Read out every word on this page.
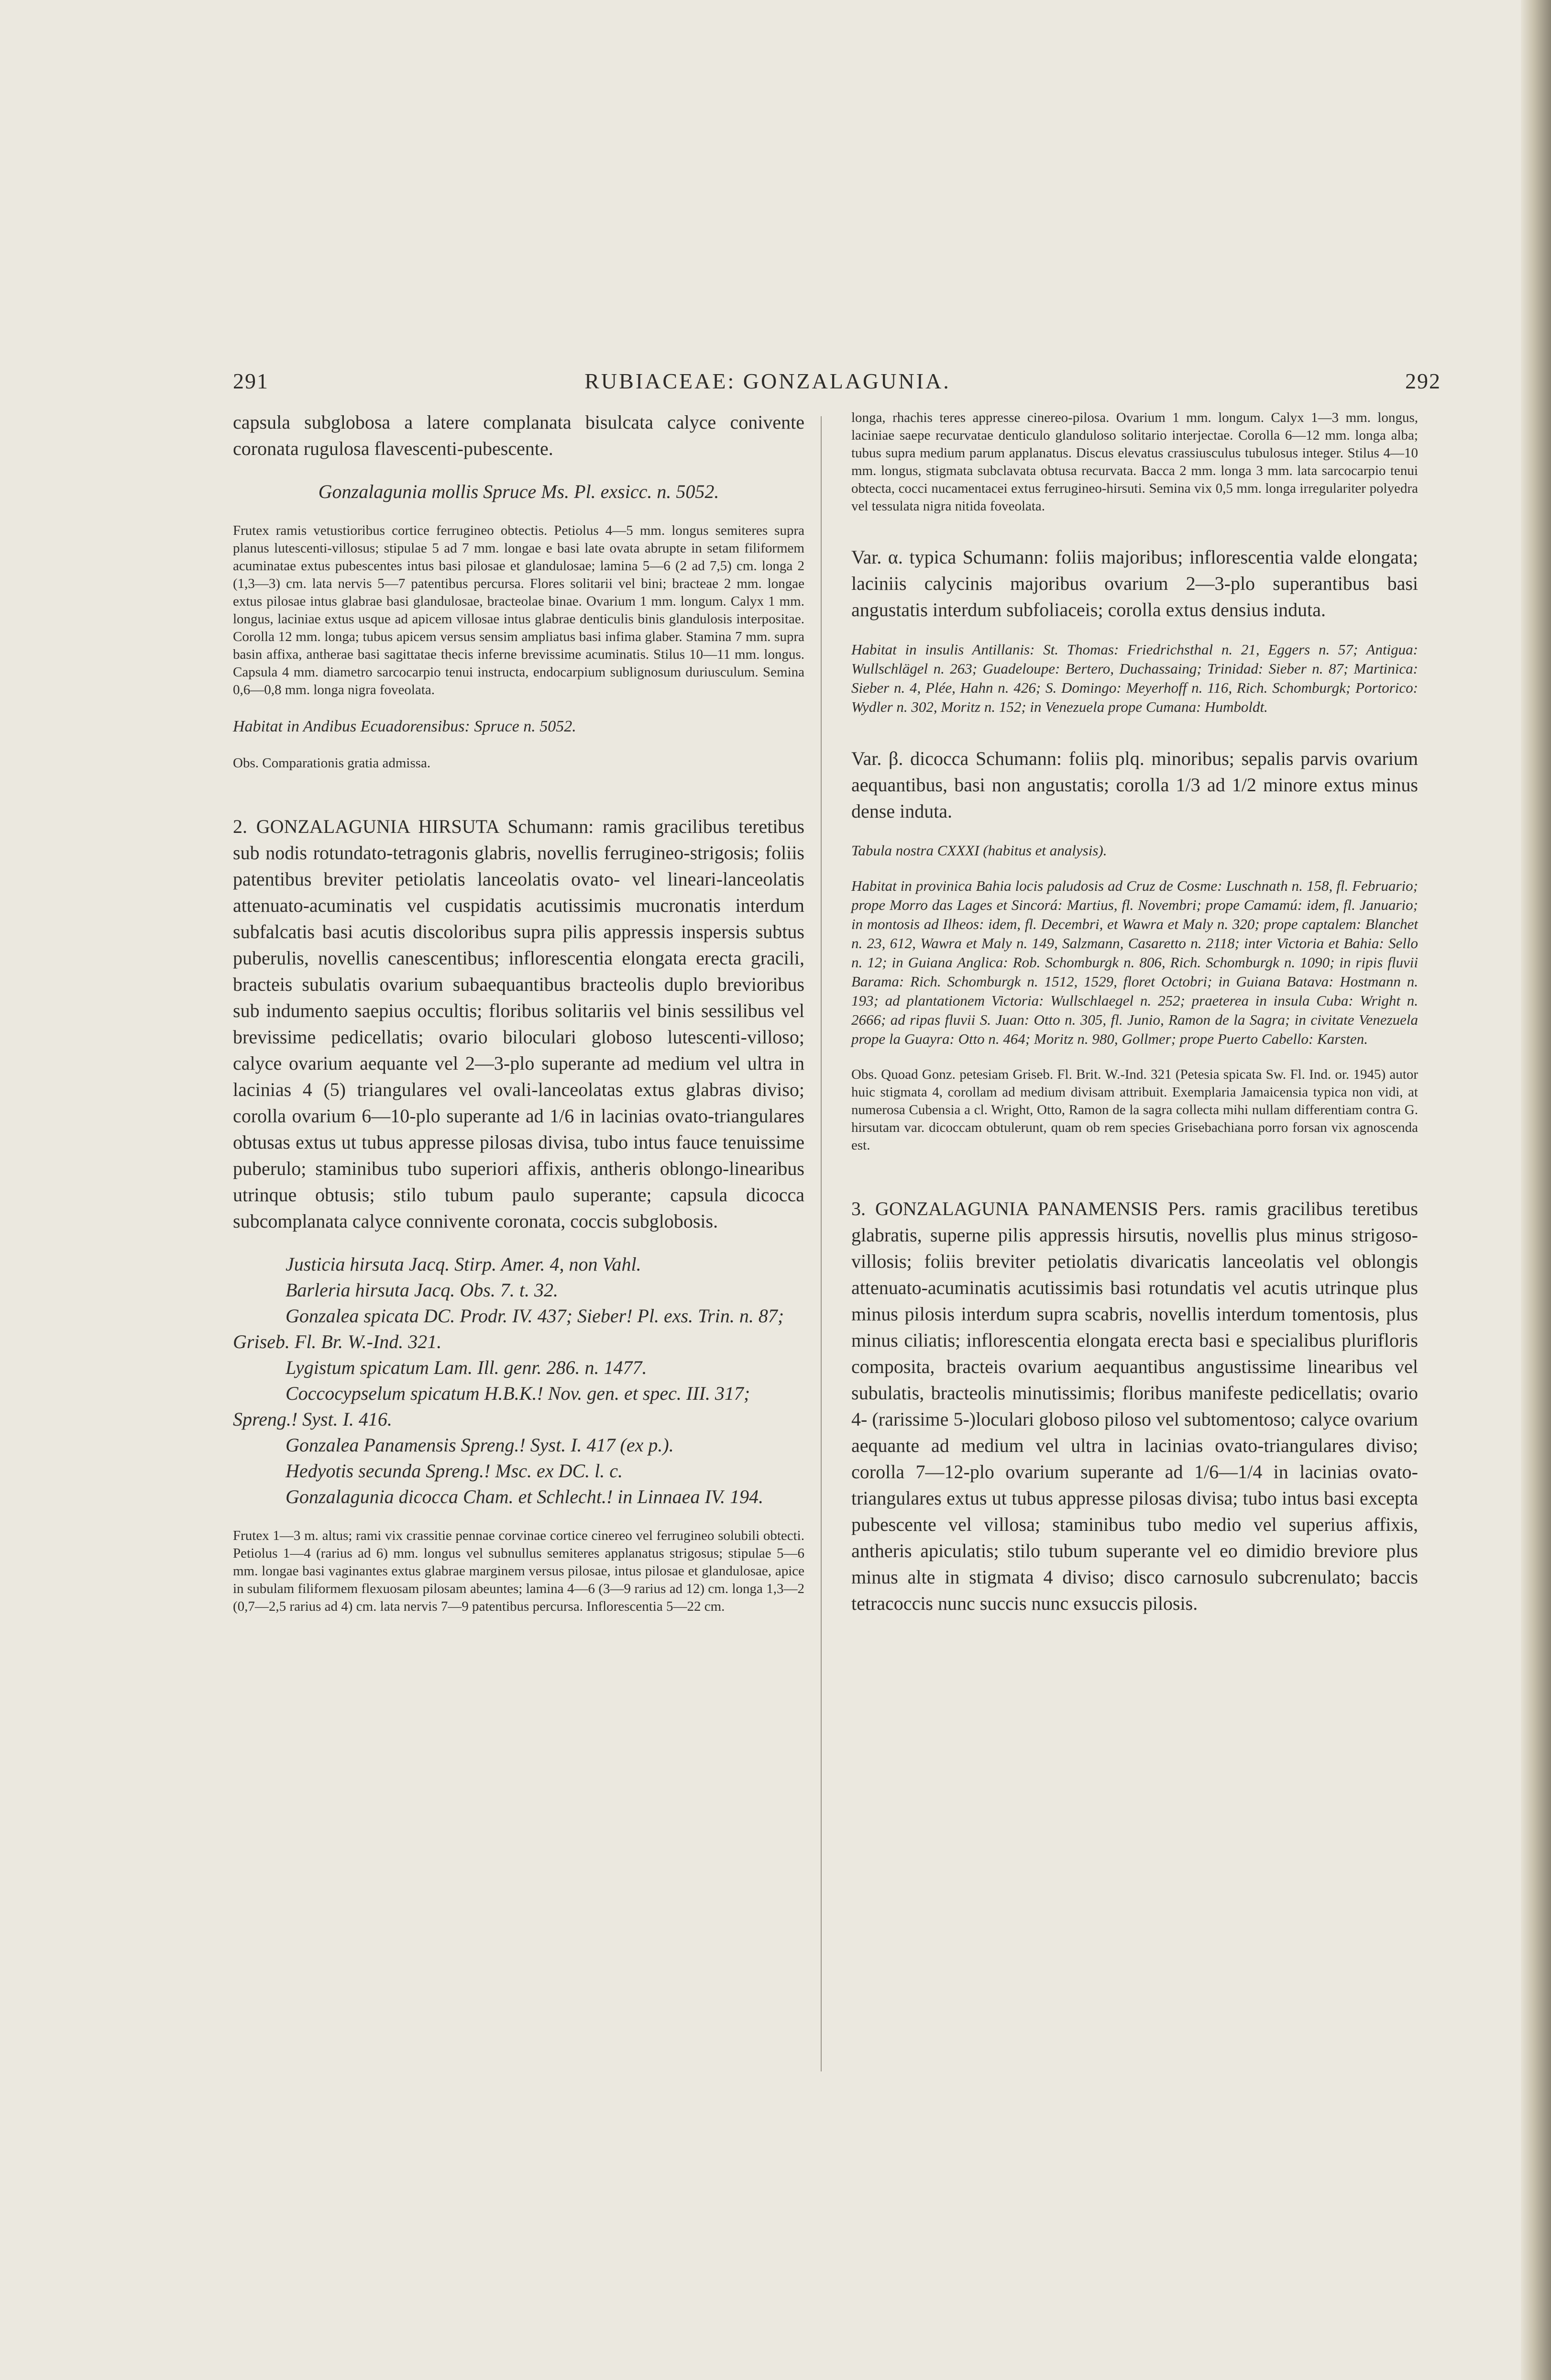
291	RUBIACEAE: GONZALAGUNIA.	292

capsula subglobosa a latere complanata bisulcata calyce conivente coronata rugulosa flavescenti-pubescente.

Gonzalagunia mollis Spruce Ms. Pl. exsicc. n. 5052.

Frutex ramis vetustioribus cortice ferrugineo obtectis. Petiolus 4—5 mm. longus semiteres supra planus lutescenti-villosus; stipulae 5 ad 7 mm. longae e basi late ovata abrupte in setam filiformem acuminatae extus pubescentes intus basi pilosae et glandulosae; lamina 5—6 (2 ad 7,5) cm. longa 2 (1,3—3) cm. lata nervis 5—7 patentibus percursa. Flores solitarii vel bini; bracteae 2 mm. longae extus pilosae intus glabrae basi glandulosae, bracteolae binae. Ovarium 1 mm. longum. Calyx 1 mm. longus, laciniae extus usque ad apicem villosae intus glabrae denticulis binis glandulosis interpositae. Corolla 12 mm. longa; tubus apicem versus sensim ampliatus basi infima glaber. Stamina 7 mm. supra basin affixa, antherae basi sagittatae thecis inferne brevissime acuminatis. Stilus 10—11 mm. longus. Capsula 4 mm. diametro sarcocarpio tenui instructa, endocarpium sublignosum duriusculum. Semina 0,6—0,8 mm. longa nigra foveolata.

Habitat in Andibus Ecuadorensibus: Spruce n. 5052.

Obs. Comparationis gratia admissa.

2. GONZALAGUNIA HIRSUTA Schumann: ramis gracilibus teretibus sub nodis rotundato-tetragonis glabris, novellis ferrugineo-strigosis; foliis patentibus breviter petiolatis lanceolatis ovato- vel lineari-lanceolatis attenuato-acuminatis vel cuspidatis acutissimis mucronatis interdum subfalcatis basi acutis discoloribus supra pilis appressis inspersis subtus puberulis, novellis canescentibus; inflorescentia elongata erecta gracili, bracteis subulatis ovarium subaequantibus bracteolis duplo brevioribus sub indumento saepius occultis; floribus solitariis vel binis sessilibus vel brevissime pedicellatis; ovario biloculari globoso lutescenti-villoso; calyce ovarium aequante vel 2—3-plo superante ad medium vel ultra in lacinias 4 (5) triangulares vel ovali-lanceolatas extus glabras diviso; corolla ovarium 6—10-plo superante ad 1/6 in lacinias ovato-triangulares obtusas extus ut tubus appresse pilosas divisa, tubo intus fauce tenuissime puberulo; staminibus tubo superiori affixis, antheris oblongo-linearibus utrinque obtusis; stilo tubum paulo superante; capsula dicocca subcomplanata calyce connivente coronata, coccis subglobosis.

Justicia hirsuta Jacq. Stirp. Amer. 4, non Vahl.
Barleria hirsuta Jacq. Obs. 7. t. 32.
Gonzalea spicata DC. Prodr. IV. 437; Sieber! Pl. exs. Trin. n. 87; Griseb. Fl. Br. W.-Ind. 321.
Lygistum spicatum Lam. Ill. genr. 286. n. 1477.
Coccocypselum spicatum H.B.K.! Nov. gen. et spec. III. 317; Spreng.! Syst. I. 416.
Gonzalea Panamensis Spreng.! Syst. I. 417 (ex p.).
Hedyotis secunda Spreng.! Msc. ex DC. l. c.
Gonzalagunia dicocca Cham. et Schlecht.! in Linnaea IV. 194.

Frutex 1—3 m. altus; rami vix crassitie pennae corvinae cortice cinereo vel ferrugineo solubili obtecti. Petiolus 1—4 (rarius ad 6) mm. longus vel subnullus semiteres applanatus strigosus; stipulae 5—6 mm. longae basi vaginantes extus glabrae marginem versus pilosae, intus pilosae et glandulosae, apice in subulam filiformem flexuosam pilosam abeuntes; lamina 4—6 (3—9 rarius ad 12) cm. longa 1,3—2 (0,7—2,5 rarius ad 4) cm. lata nervis 7—9 patentibus percursa. Inflorescentia 5—22 cm.

longa, rhachis teres appresse cinereo-pilosa. Ovarium 1 mm. longum. Calyx 1—3 mm. longus, laciniae saepe recurvatae denticulo glanduloso solitario interjectae. Corolla 6—12 mm. longa alba; tubus supra medium parum applanatus. Discus elevatus crassiusculus tubulosus integer. Stilus 4—10 mm. longus, stigmata subclavata obtusa recurvata. Bacca 2 mm. longa 3 mm. lata sarcocarpio tenui obtecta, cocci nucamentacei extus ferrugineo-hirsuti. Semina vix 0,5 mm. longa irregulariter polyedra vel tessulata nigra nitida foveolata.

Var. α. typica Schumann: foliis majoribus; inflorescentia valde elongata; laciniis calycinis majoribus ovarium 2—3-plo superantibus basi angustatis interdum subfoliaceis; corolla extus densius induta.

Habitat in insulis Antillanis: St. Thomas: Friedrichsthal n. 21, Eggers n. 57; Antigua: Wullschlägel n. 263; Guadeloupe: Bertero, Duchassaing; Trinidad: Sieber n. 87; Martinica: Sieber n. 4, Plée, Hahn n. 426; S. Domingo: Meyerhoff n. 116, Rich. Schomburgk; Portorico: Wydler n. 302, Moritz n. 152; in Venezuela prope Cumana: Humboldt.

Var. β. dicocca Schumann: foliis plq. minoribus; sepalis parvis ovarium aequantibus, basi non angustatis; corolla 1/3 ad 1/2 minore extus minus dense induta.

Tabula nostra CXXXI (habitus et analysis).

Habitat in provinica Bahia locis paludosis ad Cruz de Cosme: Luschnath n. 158, fl. Februario; prope Morro das Lages et Sincorá: Martius, fl. Novembri; prope Camamú: idem, fl. Januario; in montosis ad Ilheos: idem, fl. Decembri, et Wawra et Maly n. 320; prope captalem: Blanchet n. 23, 612, Wawra et Maly n. 149, Salzmann, Casaretto n. 2118; inter Victoria et Bahia: Sello n. 12; in Guiana Anglica: Rob. Schomburgk n. 806, Rich. Schomburgk n. 1090; in ripis fluvii Barama: Rich. Schomburgk n. 1512, 1529, floret Octobri; in Guiana Batava: Hostmann n. 193; ad plantationem Victoria: Wullschlaegel n. 252; praeterea in insula Cuba: Wright n. 2666; ad ripas fluvii S. Juan: Otto n. 305, fl. Junio, Ramon de la Sagra; in civitate Venezuela prope la Guayra: Otto n. 464; Moritz n. 980, Gollmer; prope Puerto Cabello: Karsten.

Obs. Quoad Gonz. petesiam Griseb. Fl. Brit. W.-Ind. 321 (Petesia spicata Sw. Fl. Ind. or. 1945) autor huic stigmata 4, corollam ad medium divisam attribuit. Exemplaria Jamaicensia typica non vidi, at numerosa Cubensia a cl. Wright, Otto, Ramon de la sagra collecta mihi nullam differentiam contra G. hirsutam var. dicoccam obtulerunt, quam ob rem species Grisebachiana porro forsan vix agnoscenda est.

3. GONZALAGUNIA PANAMENSIS Pers. ramis gracilibus teretibus glabratis, superne pilis appressis hirsutis, novellis plus minus strigoso-villosis; foliis breviter petiolatis divaricatis lanceolatis vel oblongis attenuato-acuminatis acutissimis basi rotundatis vel acutis utrinque plus minus pilosis interdum supra scabris, novellis interdum tomentosis, plus minus ciliatis; inflorescentia elongata erecta basi e specialibus plurifloris composita, bracteis ovarium aequantibus angustissime linearibus vel subulatis, bracteolis minutissimis; floribus manifeste pedicellatis; ovario 4- (rarissime 5-)loculari globoso piloso vel subtomentoso; calyce ovarium aequante ad medium vel ultra in lacinias ovato-triangulares diviso; corolla 7—12-plo ovarium superante ad 1/6—1/4 in lacinias ovato-triangulares extus ut tubus appresse pilosas divisa; tubo intus basi excepta pubescente vel villosa; staminibus tubo medio vel superius affixis, antheris apiculatis; stilo tubum superante vel eo dimidio breviore plus minus alte in stigmata 4 diviso; disco carnosulo subcrenulato; baccis tetracoccis nunc succis nunc exsuccis pilosis.
